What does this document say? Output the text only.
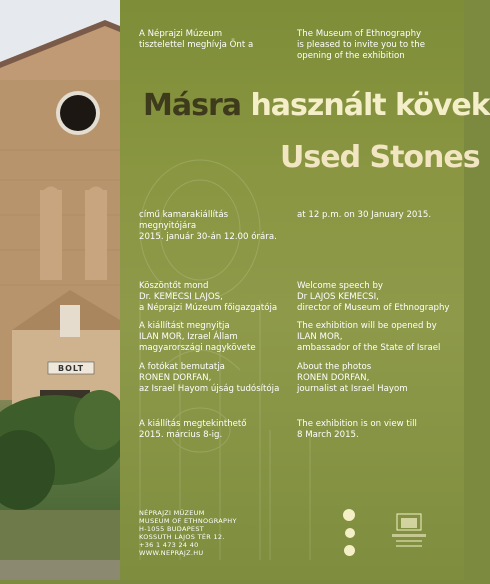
BOLT
A Néprajzi Múzeum
tisztelettel meghívja Önt a
The Museum of Ethnography
is pleased to invite you to the
opening of the exhibition
Másra használt kövek
Used Stones
című kamarakiállítás
megnyitójára
2015. január 30-án 12.00 órára.
at 12 p.m. on 30 January 2015.
Köszöntőt mond
Dr. KEMECSI LAJOS,
a Néprajzi Múzeum főigazgatója
Welcome speech by
Dr LAJOS KEMECSI,
director of Museum of Ethnography
A kiállítást megnyitja
ILAN MOR, Izrael Állam
magyarországi nagykövete
The exhibition will be opened by
ILAN MOR,
ambassador of the State of Israel
A fotókat bemutatja
RONEN DORFAN,
az Israel Hayom újság tudósítója
About the photos
RONEN DORFAN,
journalist at Israel Hayom
A kiállítás megtekinthető
2015. március 8-ig.
The exhibition is on view till
8 March 2015.
NÉPRAJZI MÚZEUM
MUSEUM OF ETHNOGRAPHY
H-1055 BUDAPEST
KOSSUTH LAJOS TÉR 12.
+36 1 473 24 40
WWW.NEPRAJZ.HU
